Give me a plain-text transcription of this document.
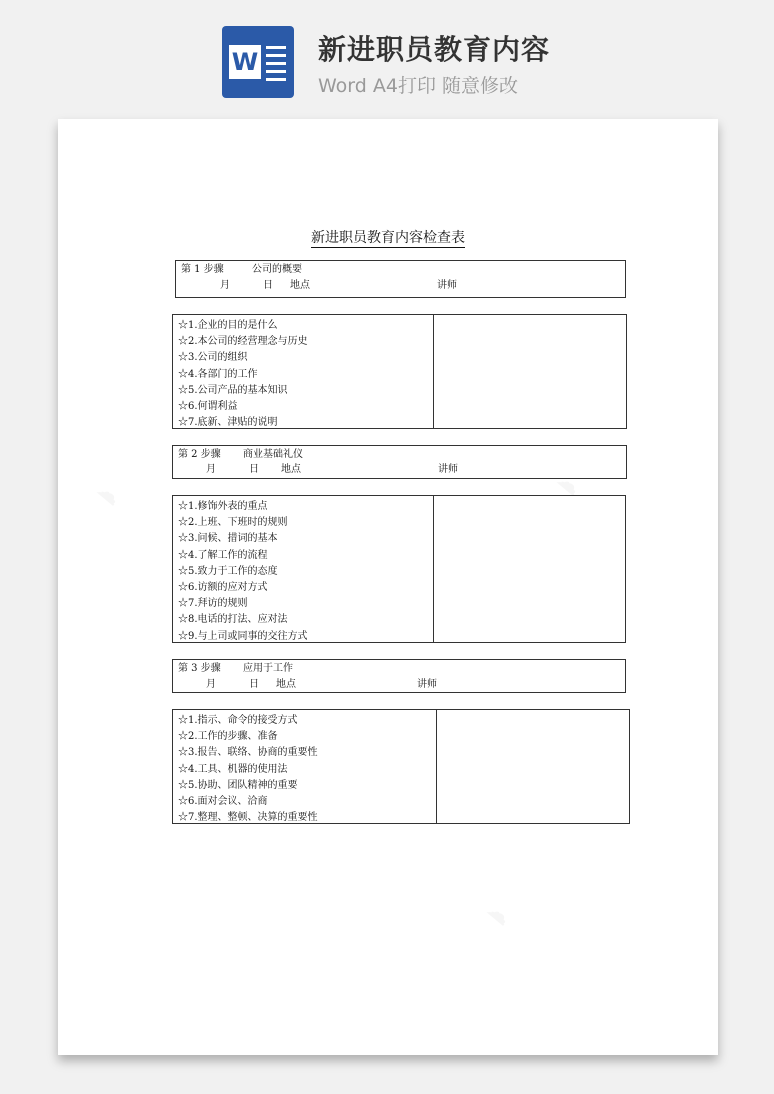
W 新进职员教育内容
Word A4打印 随意修改
新进职员教育内容检查表
第 1 步骤	公司的概要
月	日 地点	讲师
☆1.企业的目的是什么
☆2.本公司的经营理念与历史
☆3.公司的组织
☆4.各部门的工作
☆5.公司产品的基本知识
☆6.何谓利益
☆7.底新、津贴的说明
第 2 步骤 商业基础礼仪
月	日 地点	讲师
☆1.修饰外表的重点
☆2.上班、下班时的规则
☆3.问候、措词的基本
☆4.了解工作的流程
☆5.致力于工作的态度
☆6.访额的应对方式
☆7.拜访的规则
☆8.电话的打法、应对法
☆9.与上司或同事的交往方式
第 3 步骤 应用于工作
月	日 地点	讲师
☆1.指示、命令的接受方式
☆2.工作的步骤、准备
☆3.报告、联络、协商的重要性
☆4.工具、机器的使用法
☆5.协助、团队精神的重要
☆6.面对会议、洽商
☆7.整理、整顿、决算的重要性
